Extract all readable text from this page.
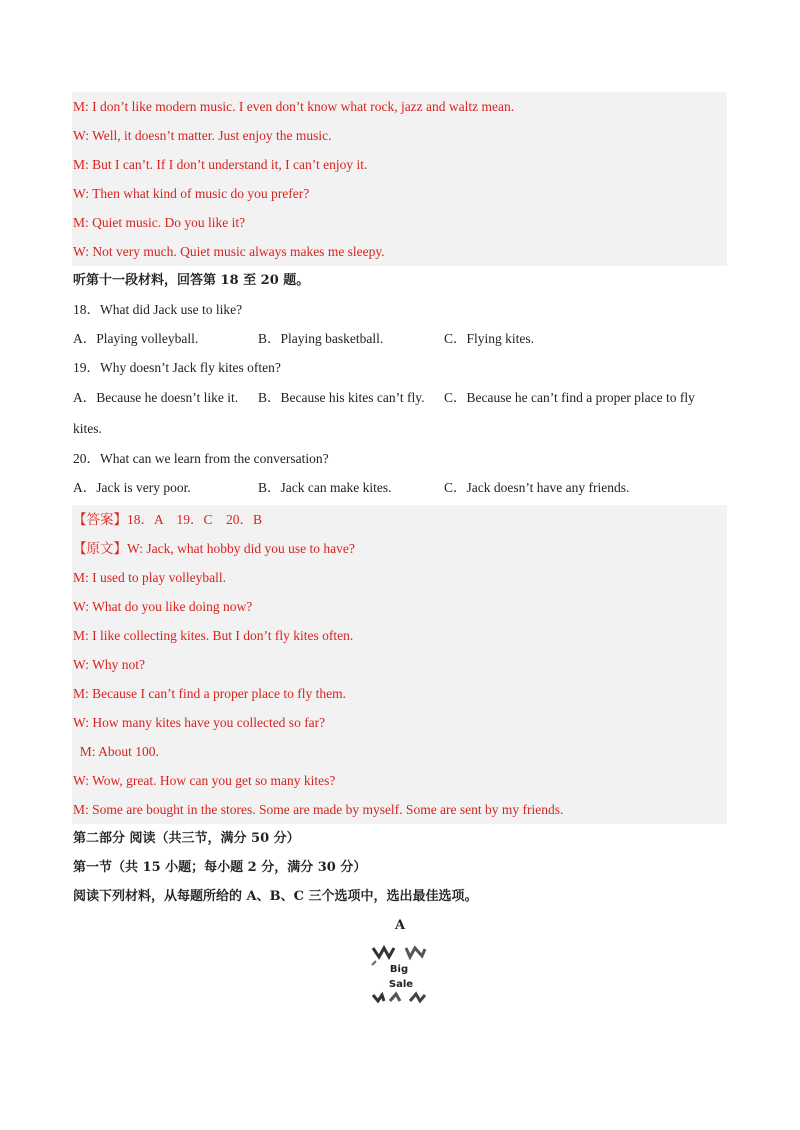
M: I don’t like modern music. I even don’t know what rock, jazz and waltz mean.
W: Well, it doesn’t matter. Just enjoy the music.
M: But I can’t. If I don’t understand it, I can’t enjoy it.
W: Then what kind of music do you prefer?
M: Quiet music. Do you like it?
W: Not very much. Quiet music always makes me sleepy.
听第十一段材料，回答第 18 至 20 题。
18．What did Jack use to like?
A．Playing volleyball.	B．Playing basketball.	C．Flying kites.
19．Why doesn’t Jack fly kites often?
A．Because he doesn’t like it. B．Because his kites can’t fly. C．Because he can’t find a proper place to fly
kites.
20．What can we learn from the conversation?
A．Jack is very poor.	B．Jack can make kites.	C．Jack doesn’t have any friends.
【答案】18．A    19．C    20．B
【原文】W: Jack, what hobby did you use to have?
M: I used to play volleyball.
W: What do you like doing now?
M: I like collecting kites. But I don’t fly kites often.
W: Why not?
M: Because I can’t find a proper place to fly them.
W: How many kites have you collected so far?
M: About 100.
W: Wow, great. How can you get so many kites?
M: Some are bought in the stores. Some are made by myself. Some are sent by my friends.
第二部分 阅读（共三节，满分 50 分）
第一节（共 15 小题；每小题 2 分，满分 30 分）
阅读下列材料，从每题所给的 A、B、C 三个选项中，选出最佳选项。
A
Big
Sale
